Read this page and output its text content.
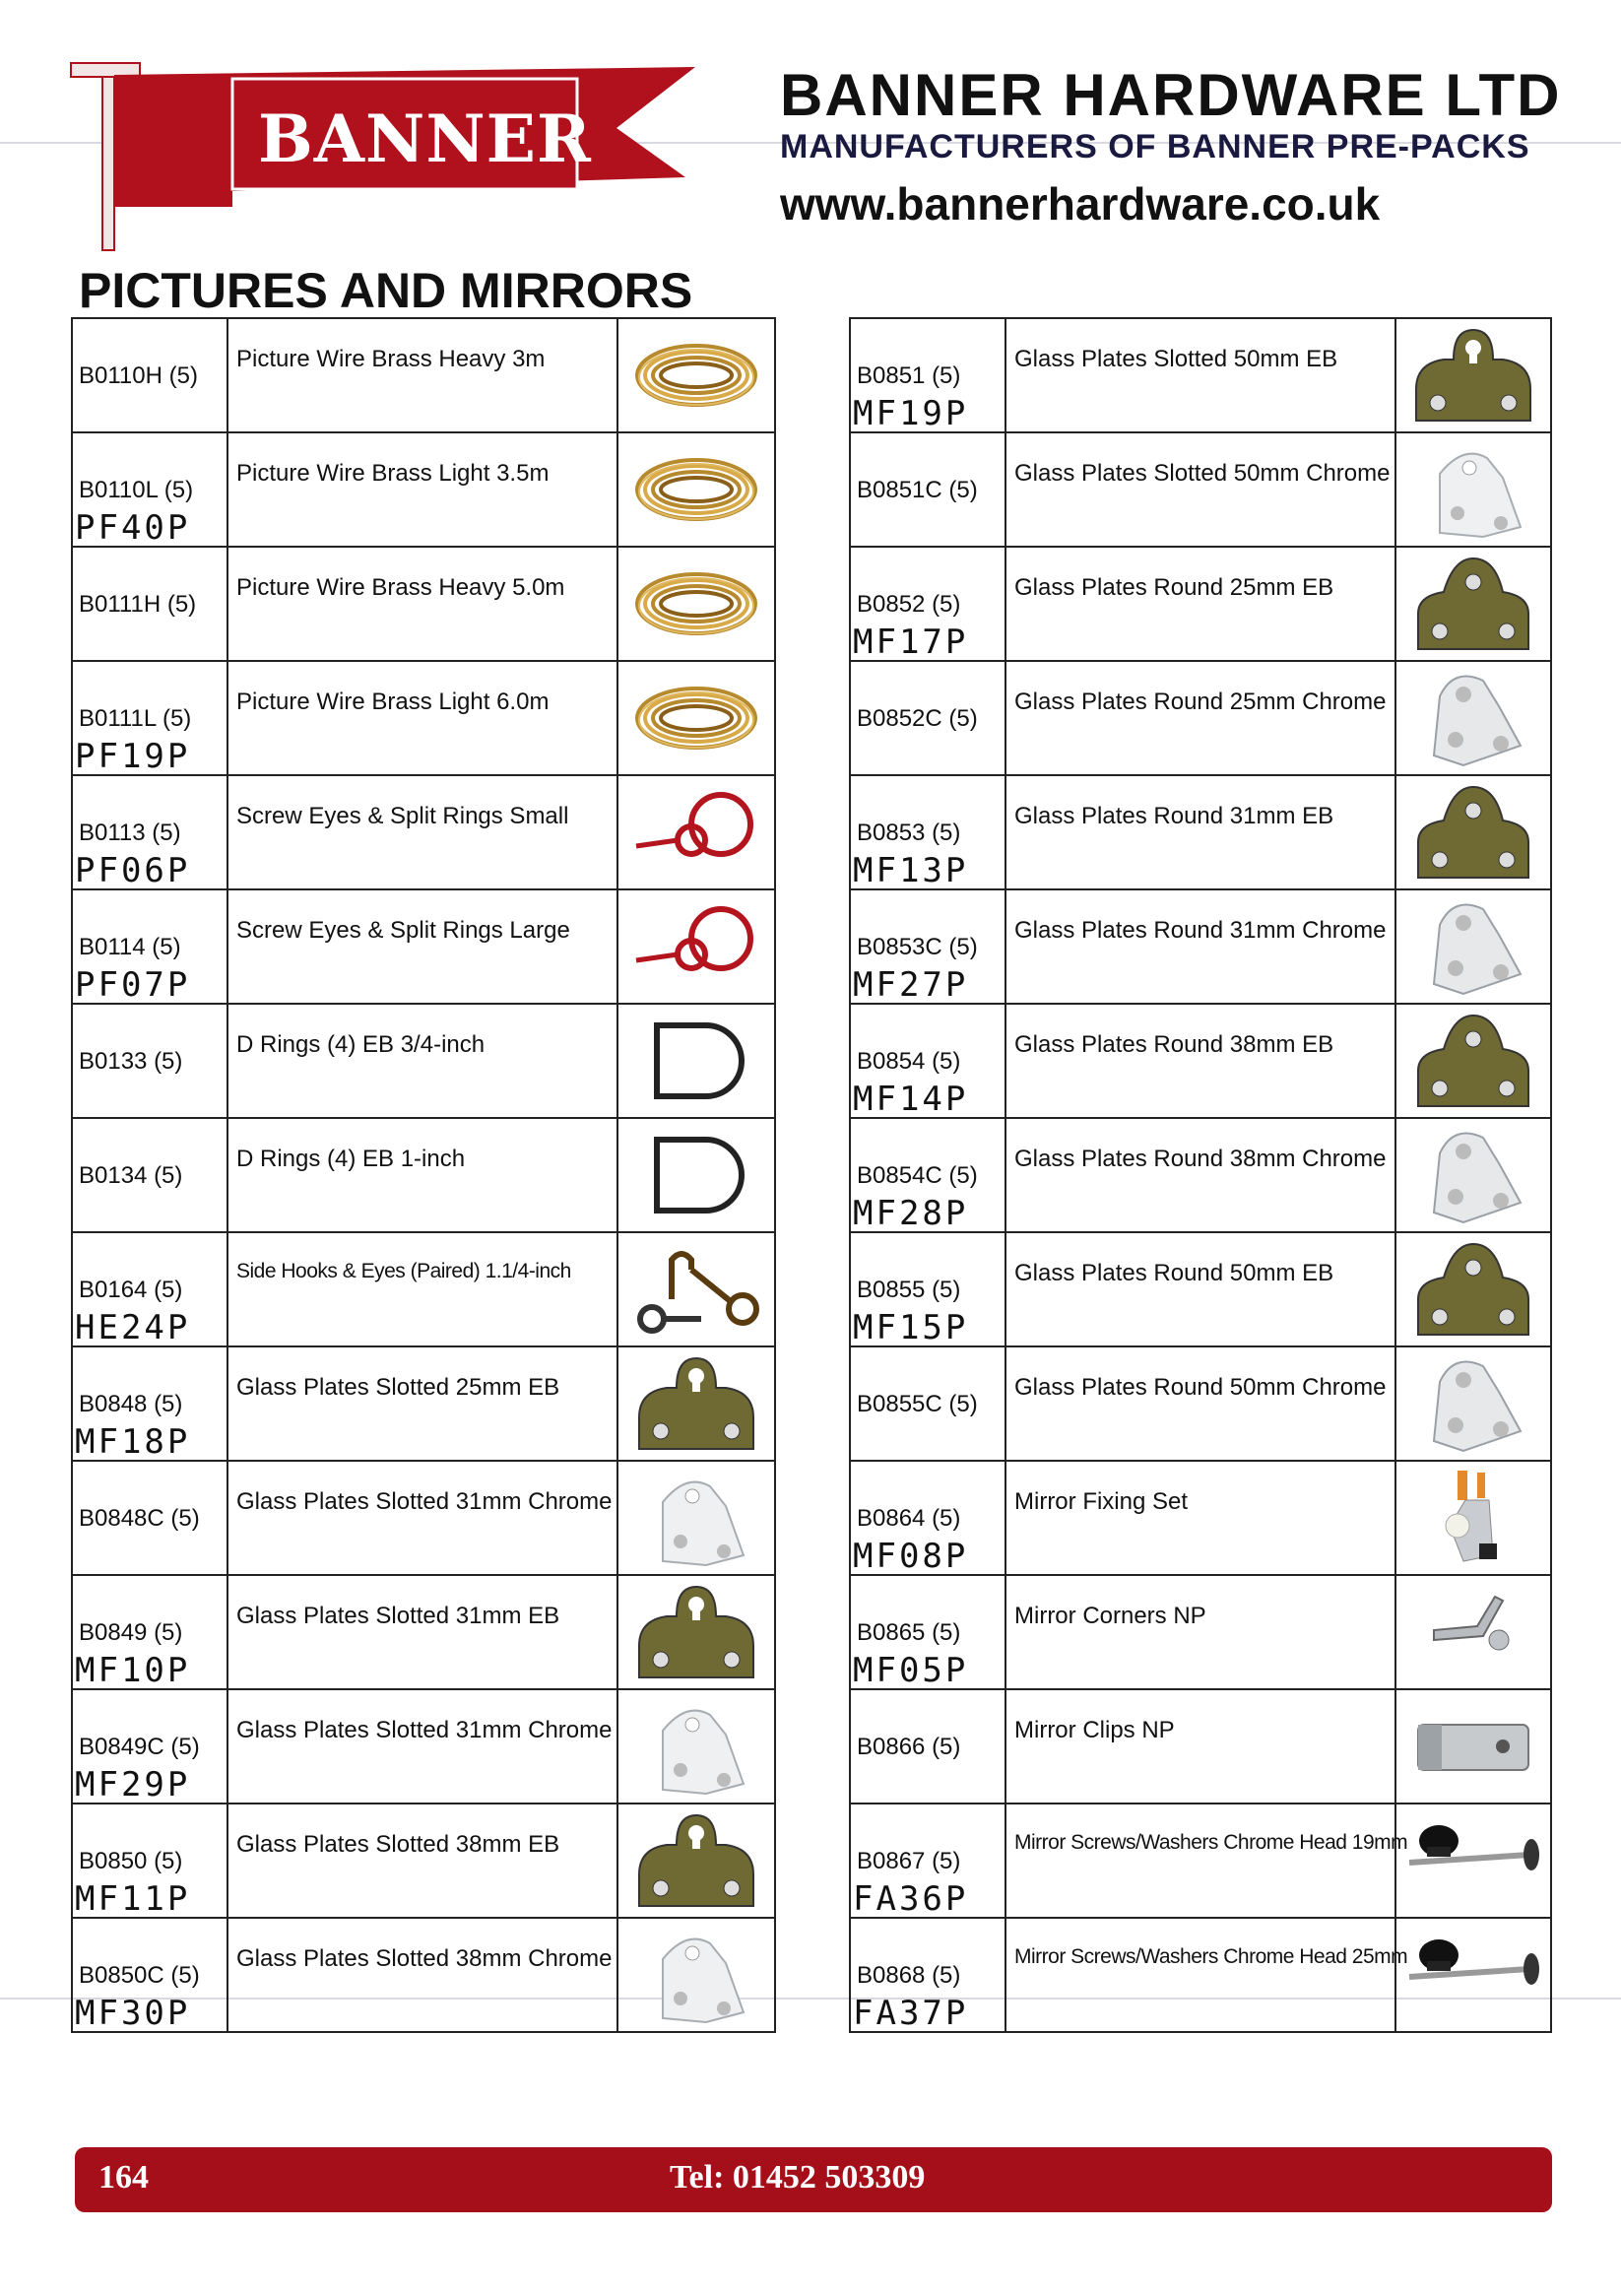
BANNER
BANNER HARDWARE LTD
MANUFACTURERS OF BANNER PRE-PACKS
www.bannerhardware.co.uk
PICTURES AND MIRRORS
B0110H (5)	Picture Wire Brass Heavy 3m

B0110L (5)
PF40P	Picture Wire Brass Light 3.5m

B0111H (5)	Picture Wire Brass Heavy 5.0m

B0111L (5)
PF19P	Picture Wire Brass Light 6.0m

B0113 (5)
PF06P	Screw Eyes & Split Rings Small

B0114 (5)
PF07P	Screw Eyes & Split Rings Large

B0133 (5)	D Rings (4) EB 3/4-inch

B0134 (5)	D Rings (4) EB 1-inch

B0164 (5)
HE24P	Side Hooks & Eyes (Paired) 1.1/4-inch

B0848 (5)
MF18P	Glass Plates Slotted 25mm EB

B0848C (5)	Glass Plates Slotted 31mm Chrome

B0849 (5)
MF10P	Glass Plates Slotted 31mm EB

B0849C (5)
MF29P	Glass Plates Slotted 31mm Chrome

B0850 (5)
MF11P	Glass Plates Slotted 38mm EB

B0850C (5)
MF30P	Glass Plates Slotted 38mm Chrome

B0851 (5)
MF19P	Glass Plates Slotted 50mm EB

B0851C (5)	Glass Plates Slotted 50mm Chrome

B0852 (5)
MF17P	Glass Plates Round 25mm EB

B0852C (5)	Glass Plates Round 25mm Chrome

B0853 (5)
MF13P	Glass Plates Round 31mm EB

B0853C (5)
MF27P	Glass Plates Round 31mm Chrome

B0854 (5)
MF14P	Glass Plates Round 38mm EB

B0854C (5)
MF28P	Glass Plates Round 38mm Chrome

B0855 (5)
MF15P	Glass Plates Round 50mm EB

B0855C (5)	Glass Plates Round 50mm Chrome

B0864 (5)
MF08P	Mirror Fixing Set

B0865 (5)
MF05P	Mirror Corners NP

B0866 (5)	Mirror Clips NP

B0867 (5)
FA36P	Mirror Screws/Washers Chrome Head 19mm

B0868 (5)
FA37P	Mirror Screws/Washers Chrome Head 25mm

164	Tel: 01452 503309
